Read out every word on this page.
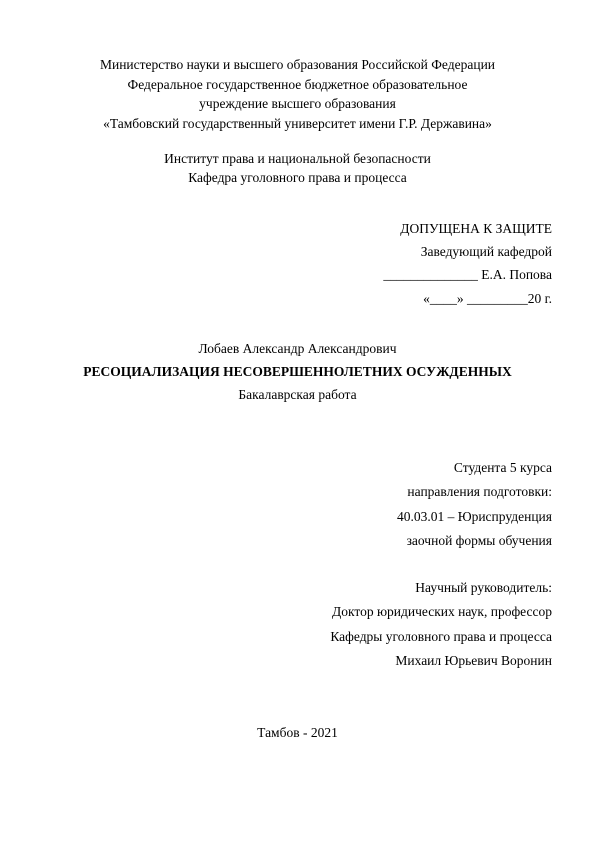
Министерство науки и высшего образования Российской Федерации
Федеральное государственное бюджетное образовательное
учреждение высшего образования
«Тамбовский государственный университет имени Г.Р. Державина»
Институт права и национальной безопасности
Кафедра уголовного права и процесса
ДОПУЩЕНА К ЗАЩИТЕ
Заведующий кафедрой
______________ Е.А. Попова
«____» _________20 г.
Лобаев Александр Александрович
РЕСОЦИАЛИЗАЦИЯ НЕСОВЕРШЕННОЛЕТНИХ ОСУЖДЕННЫХ
Бакалаврская работа
Студента 5 курса
направления подготовки:
40.03.01 – Юриспруденция
заочной формы обучения
Научный руководитель:
Доктор юридических наук, профессор
Кафедры уголовного права и процесса
Михаил Юрьевич Воронин
Тамбов - 2021
